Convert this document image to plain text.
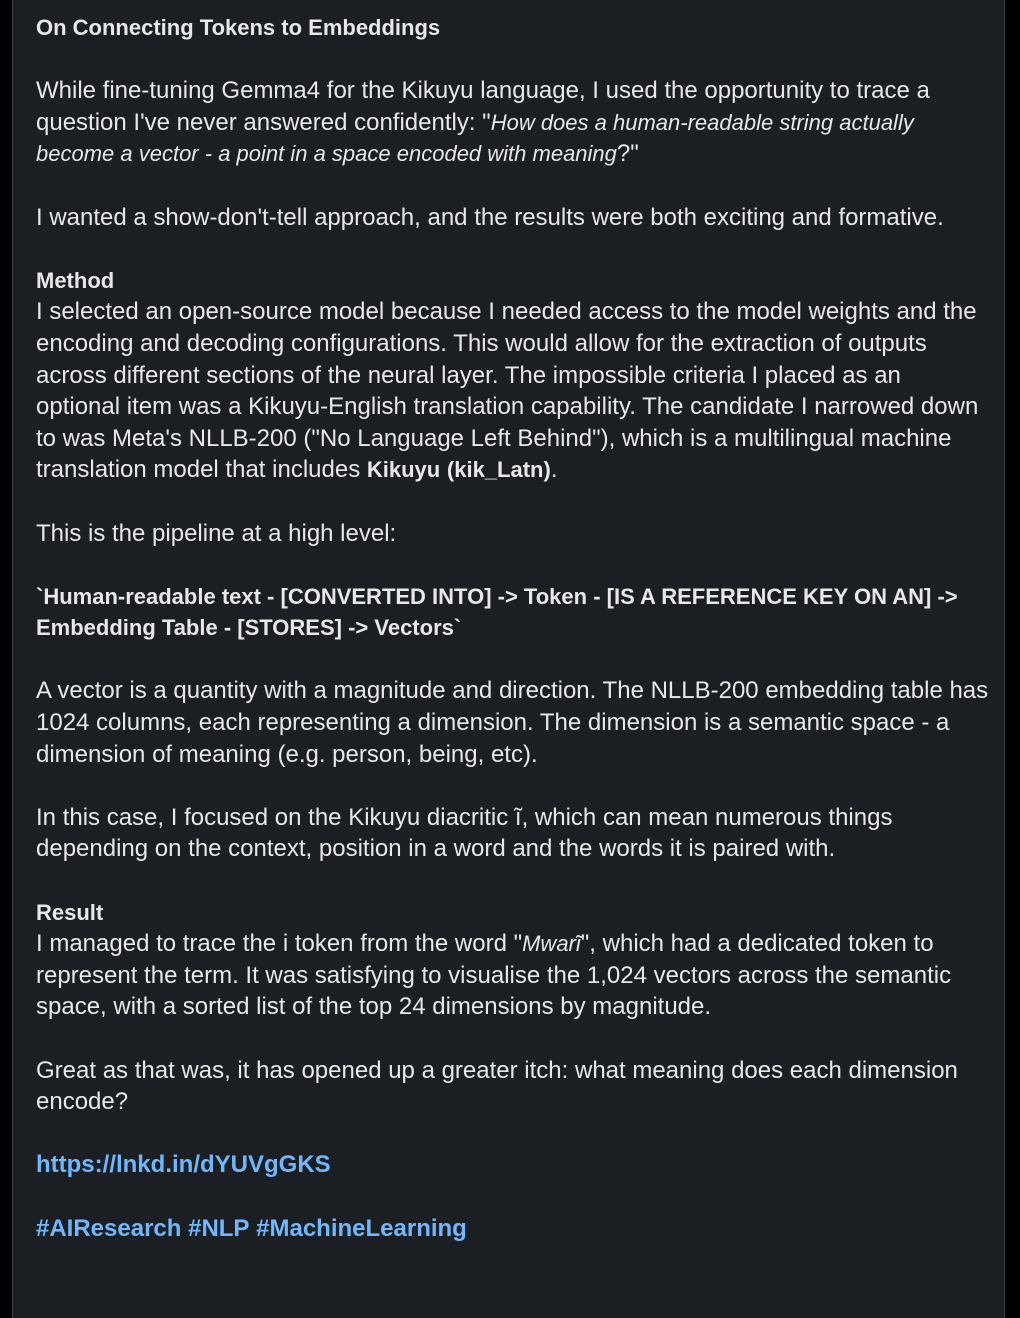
On Connecting Tokens to Embeddings
While fine-tuning Gemma4 for the Kikuyu language, I used the opportunity to trace a question I've never answered confidently: "How does a human-readable string actually become a vector - a point in a space encoded with meaning?"
I wanted a show-don't-tell approach, and the results were both exciting and formative.
Method
I selected an open-source model because I needed access to the model weights and the encoding and decoding configurations. This would allow for the extraction of outputs across different sections of the neural layer. The impossible criteria I placed as an optional item was a Kikuyu-English translation capability. The candidate I narrowed down to was Meta's NLLB-200 ("No Language Left Behind"), which is a multilingual machine translation model that includes Kikuyu (kik_Latn).
This is the pipeline at a high level:
`Human-readable text - [CONVERTED INTO] -> Token - [IS A REFERENCE KEY ON AN] -> Embedding Table - [STORES] -> Vectors`
A vector is a quantity with a magnitude and direction. The NLLB-200 embedding table has 1024 columns, each representing a dimension. The dimension is a semantic space - a dimension of meaning (e.g. person, being, etc).
In this case, I focused on the Kikuyu diacritic ĩ, which can mean numerous things depending on the context, position in a word and the words it is paired with.
Result
I managed to trace the i token from the word "Mwarĩ", which had a dedicated token to represent the term. It was satisfying to visualise the 1,024 vectors across the semantic space, with a sorted list of the top 24 dimensions by magnitude.
Great as that was, it has opened up a greater itch: what meaning does each dimension encode?
https://lnkd.in/dYUVgGKS
#AIResearch #NLP #MachineLearning
